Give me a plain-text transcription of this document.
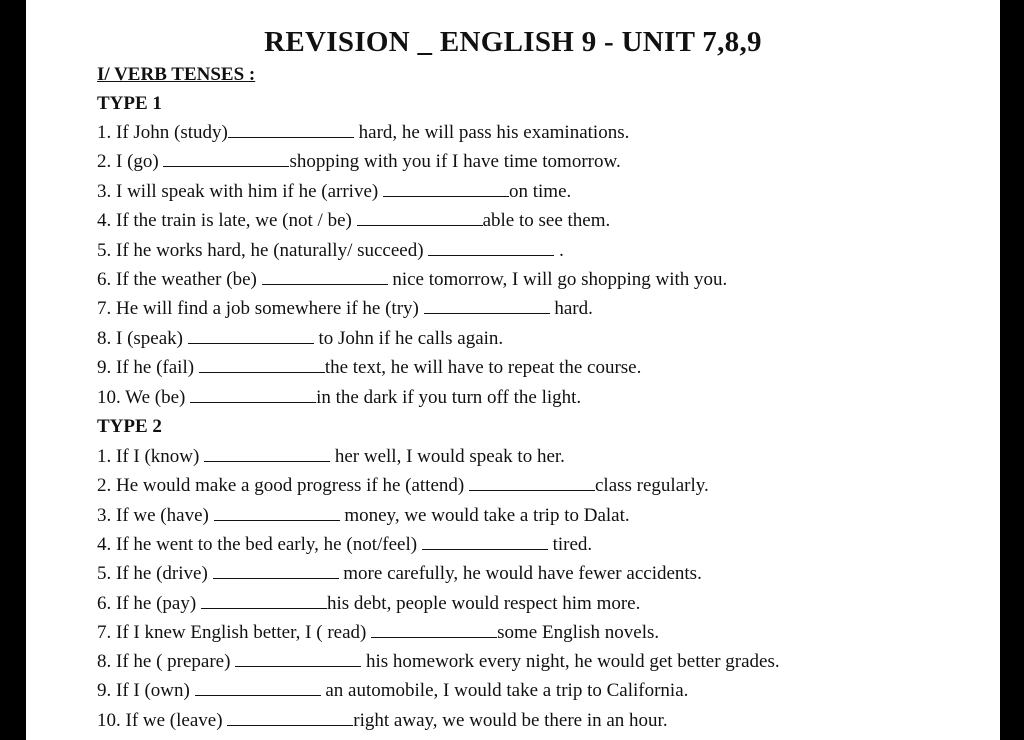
REVISION _ ENGLISH 9 - UNIT 7,8,9
I/ VERB TENSES :
TYPE 1
1. If John (study)	hard, he will pass his examinations.
2. I (go)	shopping with you if I have time tomorrow.
3. I will speak with him if he (arrive)	on time.
4. If the train is late, we (not / be)	able to see them.
5. If he works hard, he (naturally/ succeed)	.
6. If the weather (be)	nice tomorrow, I will go shopping with you.
7. He will find a job somewhere if he (try)	hard.
8. I (speak)	to John if he calls again.
9. If he (fail)	the text, he will have to repeat the course.
10. We (be)	in the dark if you turn off the light.
TYPE 2
1. If I (know)	her well, I would speak to her.
2. He would make a good progress if he (attend)	class regularly.
3. If we (have)	money, we would take a trip to Dalat.
4. If he went to the bed early, he (not/feel)	tired.
5. If he (drive)	more carefully, he would have fewer accidents.
6. If he (pay)	his debt, people would respect him more.
7. If I knew English better, I ( read)	some English novels.
8. If he ( prepare)	his homework every night, he would get better grades.
9. If I (own)	an automobile, I would take a trip to California.
10. If we (leave)	right away, we would be there in an hour.
